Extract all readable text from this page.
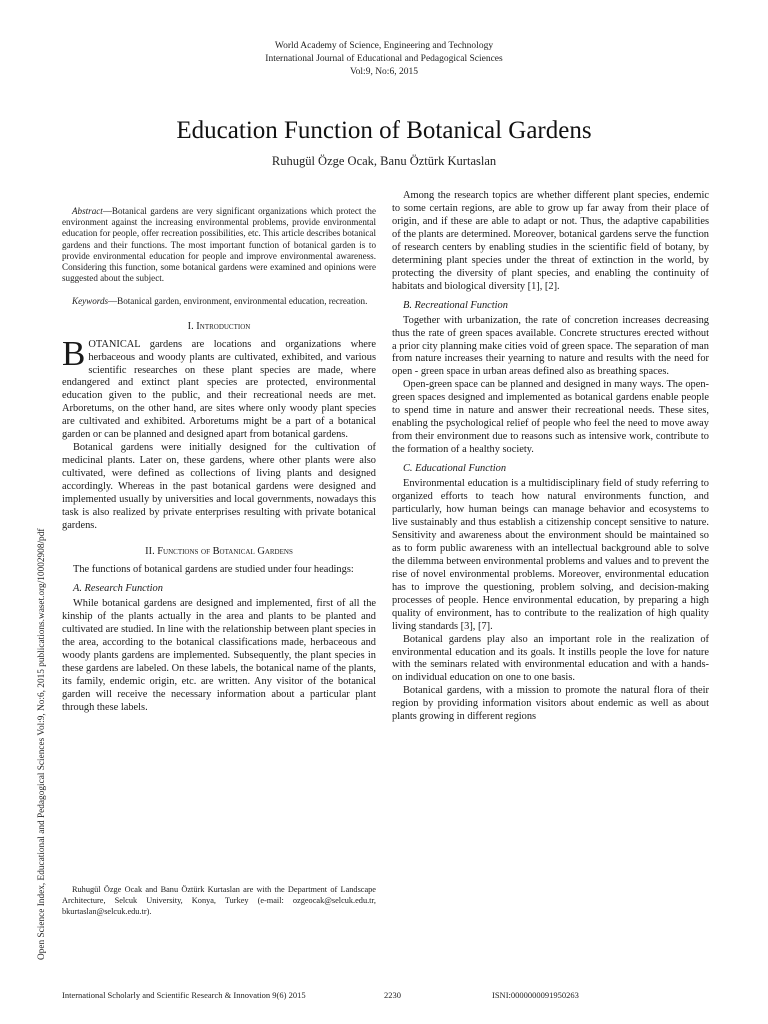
World Academy of Science, Engineering and Technology
International Journal of Educational and Pedagogical Sciences
Vol:9, No:6, 2015
Education Function of Botanical Gardens
Ruhugül Özge Ocak, Banu Öztürk Kurtaslan
Open Science Index, Educational and Pedagogical Sciences Vol:9, No:6, 2015 publications.waset.org/10002908/pdf

Abstract—Botanical gardens are very significant organizations which protect the environment against the increasing environmental problems, provide environmental education for people, offer recreation possibilities, etc. This article describes botanical gardens and their functions. The most important function of botanical garden is to provide environmental education for people and improve environmental awareness. Considering this function, some botanical gardens were examined and opinions were suggested about the subject.

Keywords—Botanical garden, environment, environmental education, recreation.

I. Introduction

BOTANICAL gardens are locations and organizations where herbaceous and woody plants are cultivated, exhibited, and various scientific researches on these plant species are made, where endangered and extinct plant species are protected, environmental education given to the public, and their recreational needs are met. Arboretums, on the other hand, are sites where only woody plant species are cultivated and exhibited. Arboretums might be a part of a botanical garden or can be planned and designed apart from botanical gardens.

Botanical gardens were initially designed for the cultivation of medicinal plants. Later on, these gardens, where other plants were also cultivated, were defined as collections of living plants and designed accordingly. Whereas in the past botanical gardens were designed and implemented usually by universities and local governments, nowadays this task is also realized by private enterprises resulting with private botanical gardens.

II. Functions of Botanical Gardens

The functions of botanical gardens are studied under four headings:

A. Research Function

While botanical gardens are designed and implemented, first of all the kinship of the plants actually in the area and plants to be planted and cultivated are studied. In line with the relationship between plant species in the area, according to the botanical classifications made, herbaceous and woody plants gardens are implemented. Subsequently, the plant species in these gardens are labeled. On these labels, the botanical name of the plants, its family, endemic origin, etc. are written. Any visitor of the botanical garden will receive the necessary information about a particular plant through these labels.

Among the research topics are whether different plant species, endemic to some certain regions, are able to grow up far away from their place of origin, and if these are able to adapt or not. Thus, the adaptive capabilities of the plants are determined. Moreover, botanical gardens serve the function of research centers by enabling studies in the scientific field of botany, by determining plant species under the threat of extinction in the world, by protecting the diversity of plant species, and enabling the continuity of habitats and biological diversity [1], [2].

B. Recreational Function

Together with urbanization, the rate of concretion increases decreasing thus the rate of green spaces available. Concrete structures erected without a prior city planning make cities void of green space. The separation of man from nature increases their yearning to nature and results with the need for open - green space in urban areas defined also as breathing spaces.

Open-green space can be planned and designed in many ways. The open-green spaces designed and implemented as botanical gardens enable people to spend time in nature and answer their recreational needs. These sites, enabling the psychological relief of people who feel the need to move away from their environment due to reasons such as intensive work, contribute to the formation of a healthy society.

C. Educational Function

Environmental education is a multidisciplinary field of study referring to organized efforts to teach how natural environments function, and particularly, how human beings can manage behavior and ecosystems to live sustainably and thus establish a citizenship concept sensitive to nature. Sensitivity and awareness about the environment should be maintained so as to form public awareness with an intellectual background able to solve the dilemma between environmental problems and values and to prevent the rise of novel environmental problems. Moreover, environmental education has to improve the questioning, problem solving, and decision-making processes of people. Hence environmental education, by preparing a high quality of environment, has to contribute to the realization of high quality living standards [3], [7].

Botanical gardens play also an important role in the realization of environmental education and its goals. It instills people the love for nature with the seminars related with environmental education and with a hands-on individual education on one to one basis.

Botanical gardens, with a mission to promote the natural flora of their region by providing information visitors about endemic as well as about plants growing in different regions

Ruhugül Özge Ocak and Banu Öztürk Kurtaslan are with the Department of Landscape Architecture, Selcuk University, Konya, Turkey (e-mail: ozgeocak@selcuk.edu.tr, bkurtaslan@selcuk.edu.tr).

International Scholarly and Scientific Research & Innovation 9(6) 2015	2230	ISNI:0000000091950263
